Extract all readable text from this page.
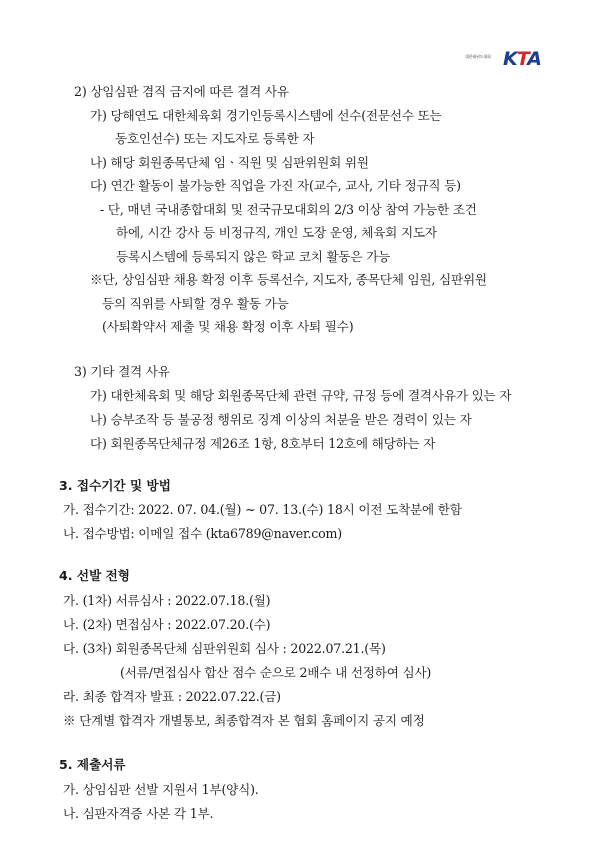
대한태권도협회 KTA
2) 상임심판 겸직 금지에 따른 결격 사유
가) 당해연도 대한체육회 경기인등록시스템에 선수(전문선수 또는
동호인선수) 또는 지도자로 등록한 자
나) 해당 회원종목단체 임ㆍ직원 및 심판위원회 위원
다) 연간 활동이 불가능한 직업을 가진 자(교수, 교사, 기타 정규직 등)
- 단, 매년 국내종합대회 및 전국규모대회의 2/3 이상 참여 가능한 조건
하에, 시간 강사 등 비정규직, 개인 도장 운영, 체육회 지도자
등록시스템에 등록되지 않은 학교 코치 활동은 가능
※단, 상임심판 채용 확정 이후 등록선수, 지도자, 종목단체 임원, 심판위원
등의 직위를 사퇴할 경우 활동 가능
(사퇴확약서 제출 및 채용 확정 이후 사퇴 필수)
3) 기타 결격 사유
가) 대한체육회 및 해당 회원종목단체 관련 규약, 규정 등에 결격사유가 있는 자
나) 승부조작 등 불공정 행위로 징계 이상의 처분을 받은 경력이 있는 자
다) 회원종목단체규정 제26조 1항, 8호부터 12호에 해당하는 자
3. 접수기간 및 방법
가. 접수기간: 2022. 07. 04.(월) ~ 07. 13.(수) 18시 이전 도착분에 한함
나. 접수방법: 이메일 접수 (kta6789@naver.com)
4. 선발 전형
가. (1차) 서류심사 : 2022.07.18.(월)
나. (2차) 면접심사 : 2022.07.20.(수)
다. (3차) 회원종목단체 심판위원회 심사 : 2022.07.21.(목)
(서류/면접심사 합산 점수 순으로 2배수 내 선정하여 심사)
라. 최종 합격자 발표 : 2022.07.22.(금)
※ 단계별 합격자 개별통보, 최종합격자 본 협회 홈페이지 공지 예정
5. 제출서류
가. 상임심판 선발 지원서 1부(양식).
나. 심판자격증 사본 각 1부.
